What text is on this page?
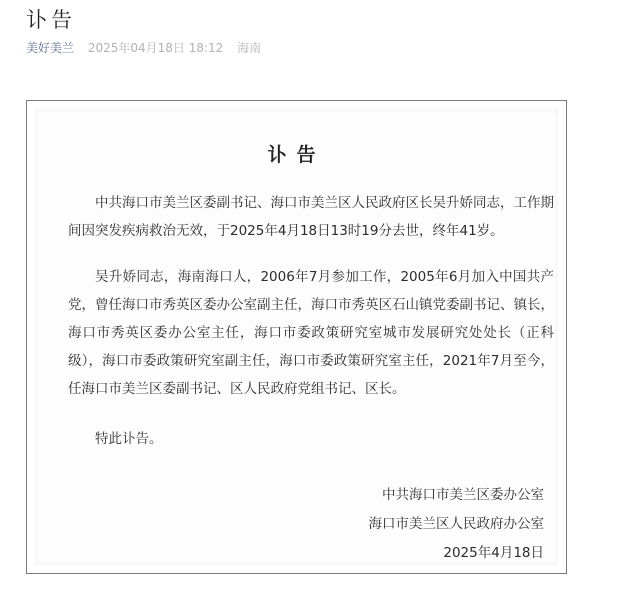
讣告
美好美兰 2025年04月18日 18:12 海南
讣告

中共海口市美兰区委副书记、海口市美兰区人民政府区长吴升娇同志，工作期间因突发疾病救治无效，于2025年4月18日13时19分去世，终年41岁。

吴升娇同志，海南海口人，2006年7月参加工作，2005年6月加入中国共产党，曾任海口市秀英区委办公室副主任，海口市秀英区石山镇党委副书记、镇长，海口市秀英区委办公室主任，海口市委政策研究室城市发展研究处处长（正科级），海口市委政策研究室副主任，海口市委政策研究室主任，2021年7月至今，任海口市美兰区委副书记、区人民政府党组书记、区长。

特此讣告。

中共海口市美兰区委办公室
海口市美兰区人民政府办公室
2025年4月18日
